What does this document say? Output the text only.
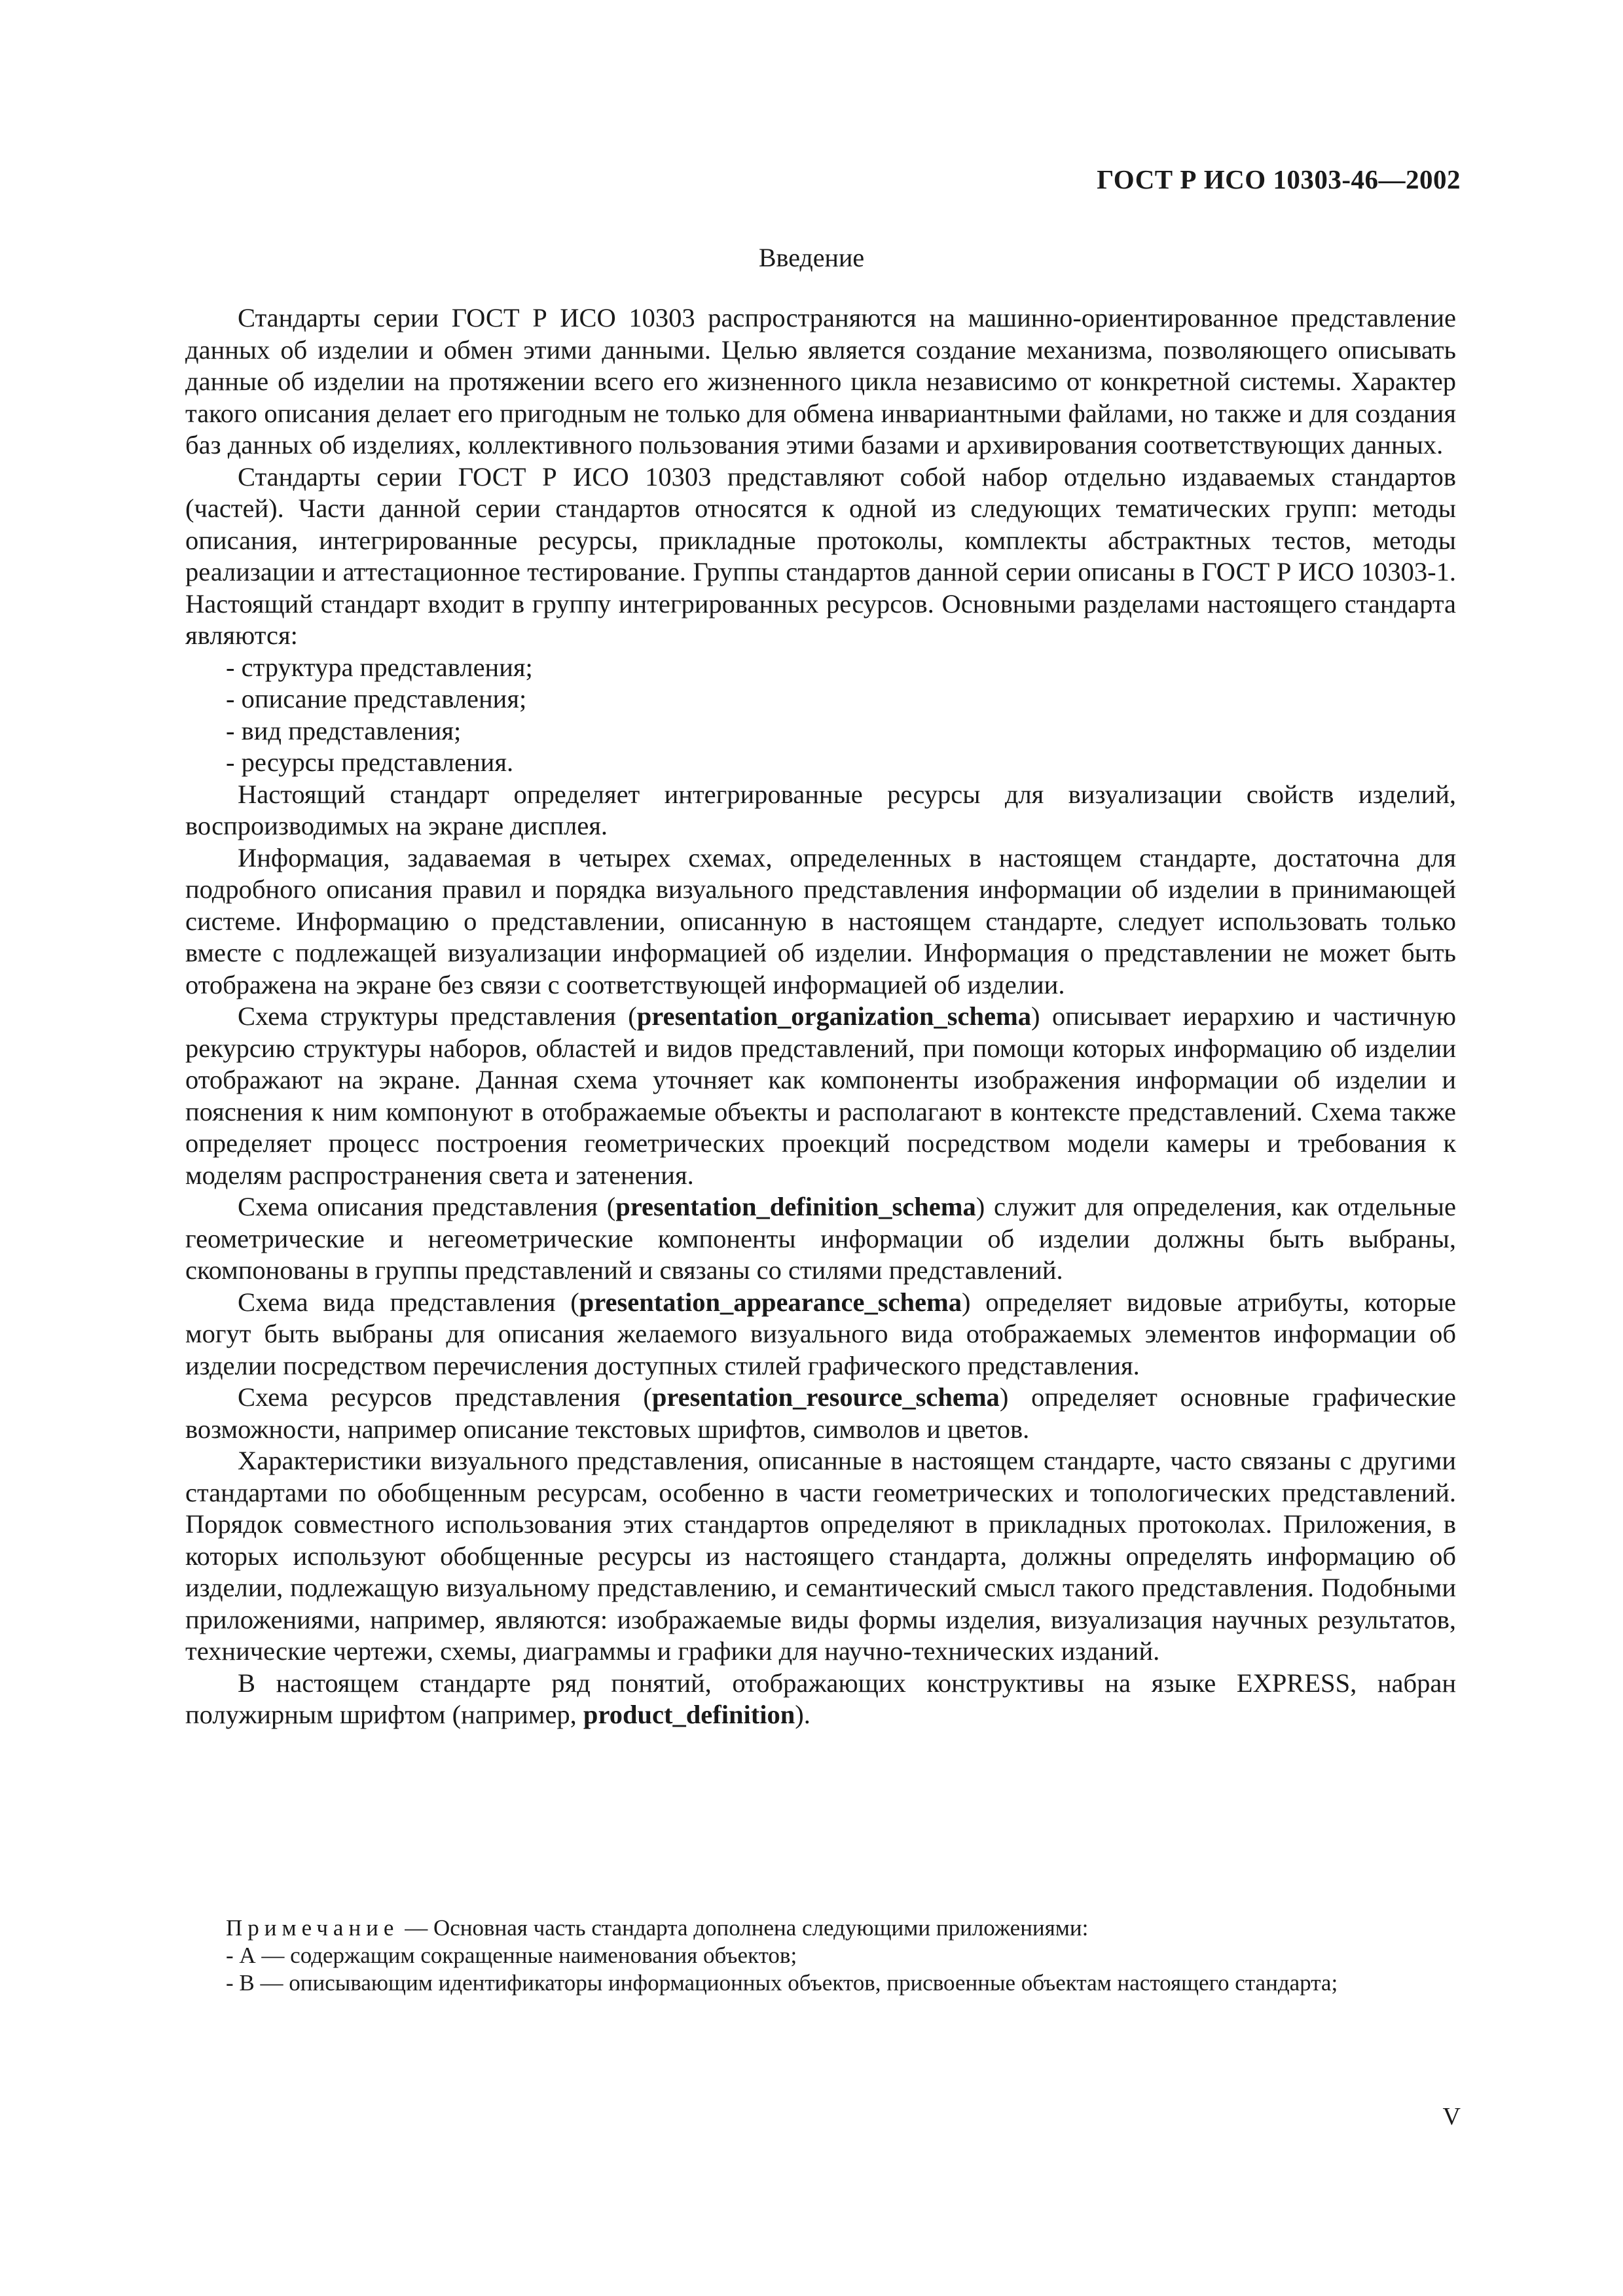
ГОСТ Р ИСО 10303-46—2002
Введение

Стандарты серии ГОСТ Р ИСО 10303 распространяются на машинно-ориентированное представление данных об изделии и обмен этими данными. Целью является создание механизма, позволяющего описывать данные об изделии на протяжении всего его жизненного цикла независимо от конкретной системы. Характер такого описания делает его пригодным не только для обмена инвариантными файлами, но также и для создания баз данных об изделиях, коллективного пользования этими базами и архивирования соответствующих данных.

Стандарты серии ГОСТ Р ИСО 10303 представляют собой набор отдельно издаваемых стандартов (частей). Части данной серии стандартов относятся к одной из следующих тематических групп: методы описания, интегрированные ресурсы, прикладные протоколы, комплекты абстрактных тестов, методы реализации и аттестационное тестирование. Группы стандартов данной серии описаны в ГОСТ Р ИСО 10303-1. Настоящий стандарт входит в группу интегрированных ресурсов. Основными разделами настоящего стандарта являются:

- структура представления;

- описание представления;

- вид представления;

- ресурсы представления.

Настоящий стандарт определяет интегрированные ресурсы для визуализации свойств изделий, воспроизводимых на экране дисплея.

Информация, задаваемая в четырех схемах, определенных в настоящем стандарте, достаточна для подробного описания правил и порядка визуального представления информации об изделии в принимающей системе. Информацию о представлении, описанную в настоящем стандарте, следует использовать только вместе с подлежащей визуализации информацией об изделии. Информация о представлении не может быть отображена на экране без связи с соответствующей информацией об изделии.

Схема структуры представления (presentation_organization_schema) описывает иерархию и частичную рекурсию структуры наборов, областей и видов представлений, при помощи которых информацию об изделии отображают на экране. Данная схема уточняет как компоненты изображения информации об изделии и пояснения к ним компонуют в отображаемые объекты и располагают в контексте представлений. Схема также определяет процесс построения геометрических проекций посредством модели камеры и требования к моделям распространения света и затенения.

Схема описания представления (presentation_definition_schema) служит для определения, как отдельные геометрические и негеометрические компоненты информации об изделии должны быть выбраны, скомпонованы в группы представлений и связаны со стилями представлений.

Схема вида представления (presentation_appearance_schema) определяет видовые атрибуты, которые могут быть выбраны для описания желаемого визуального вида отображаемых элементов информации об изделии посредством перечисления доступных стилей графического представления.

Схема ресурсов представления (presentation_resource_schema) определяет основные графические возможности, например описание текстовых шрифтов, символов и цветов.

Характеристики визуального представления, описанные в настоящем стандарте, часто связаны с другими стандартами по обобщенным ресурсам, особенно в части геометрических и топологических представлений. Порядок совместного использования этих стандартов определяют в прикладных протоколах. Приложения, в которых используют обобщенные ресурсы из настоящего стандарта, должны определять информацию об изделии, подлежащую визуальному представлению, и семантический смысл такого представления. Подобными приложениями, например, являются: изображаемые виды формы изделия, визуализация научных результатов, технические чертежи, схемы, диаграммы и графики для научно-технических изданий.

В настоящем стандарте ряд понятий, отображающих конструктивы на языке EXPRESS, набран полужирным шрифтом (например, product_definition).

Примечание — Основная часть стандарта дополнена следующими приложениями:

- А — содержащим сокращенные наименования объектов;

- В — описывающим идентификаторы информационных объектов, присвоенные объектам настоящего стандарта;

V
